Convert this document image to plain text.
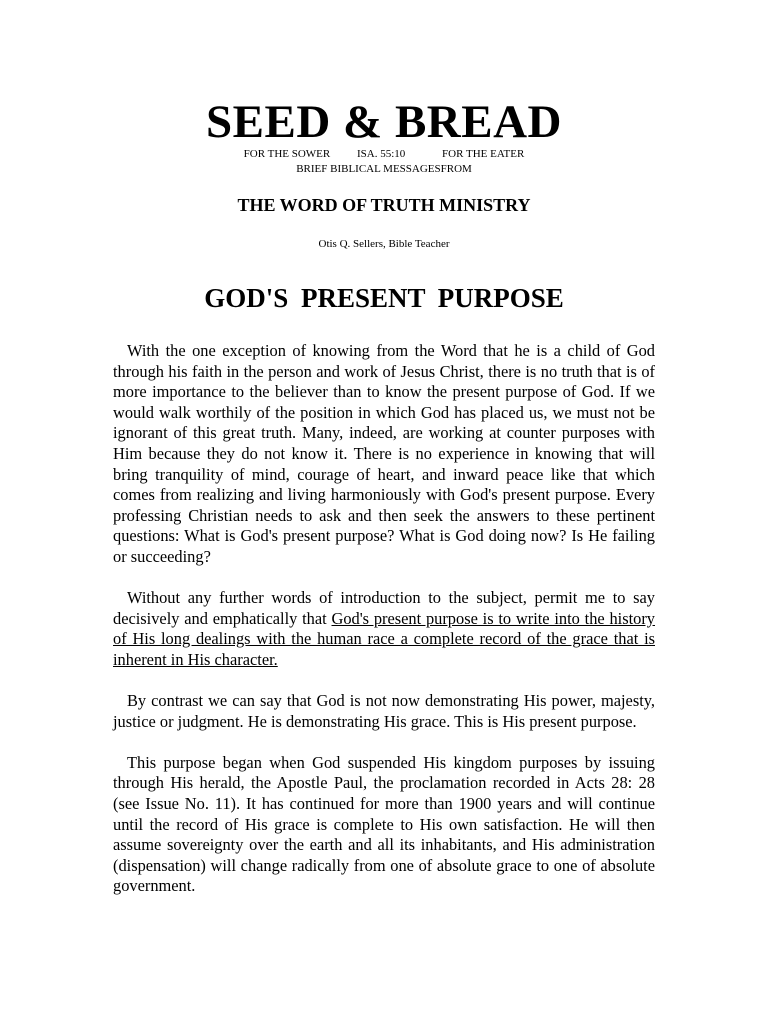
SEED & BREAD
FOR THE SOWER ISA. 55:10	FOR THE EATER
BRIEF BIBLICAL MESSAGESFROM
THE WORD OF TRUTH MINISTRY
Otis Q. Sellers, Bible Teacher
GOD'S PRESENT PURPOSE

With the one exception of knowing from the Word that he is a child of God through his faith in the person and work of Jesus Christ, there is no truth that is of more importance to the believer than to know the present purpose of God. If we would walk worthily of the position in which God has placed us, we must not be ignorant of this great truth. Many, indeed, are working at counter purposes with Him because they do not know it. There is no experience in knowing that will bring tranquility of mind, courage of heart, and inward peace like that which comes from realizing and living harmoniously with God's present purpose. Every professing Christian needs to ask and then seek the answers to these pertinent questions: What is God's present purpose? What is God doing now? Is He failing or succeeding?

Without any further words of introduction to the subject, permit me to say decisively and emphatically that God's present purpose is to write into the history of His long dealings with the human race a complete record of the grace that is inherent in His character.

By contrast we can say that God is not now demonstrating His power, majesty, justice or judgment. He is demonstrating His grace. This is His present purpose.

This purpose began when God suspended His kingdom purposes by issuing through His herald, the Apostle Paul, the proclamation recorded in Acts 28: 28 (see Issue No. 11). It has continued for more than 1900 years and will continue until the record of His grace is complete to His own satisfaction. He will then assume sovereignty over the earth and all its inhabitants, and His administration (dispensation) will change radically from one of absolute grace to one of absolute government.
